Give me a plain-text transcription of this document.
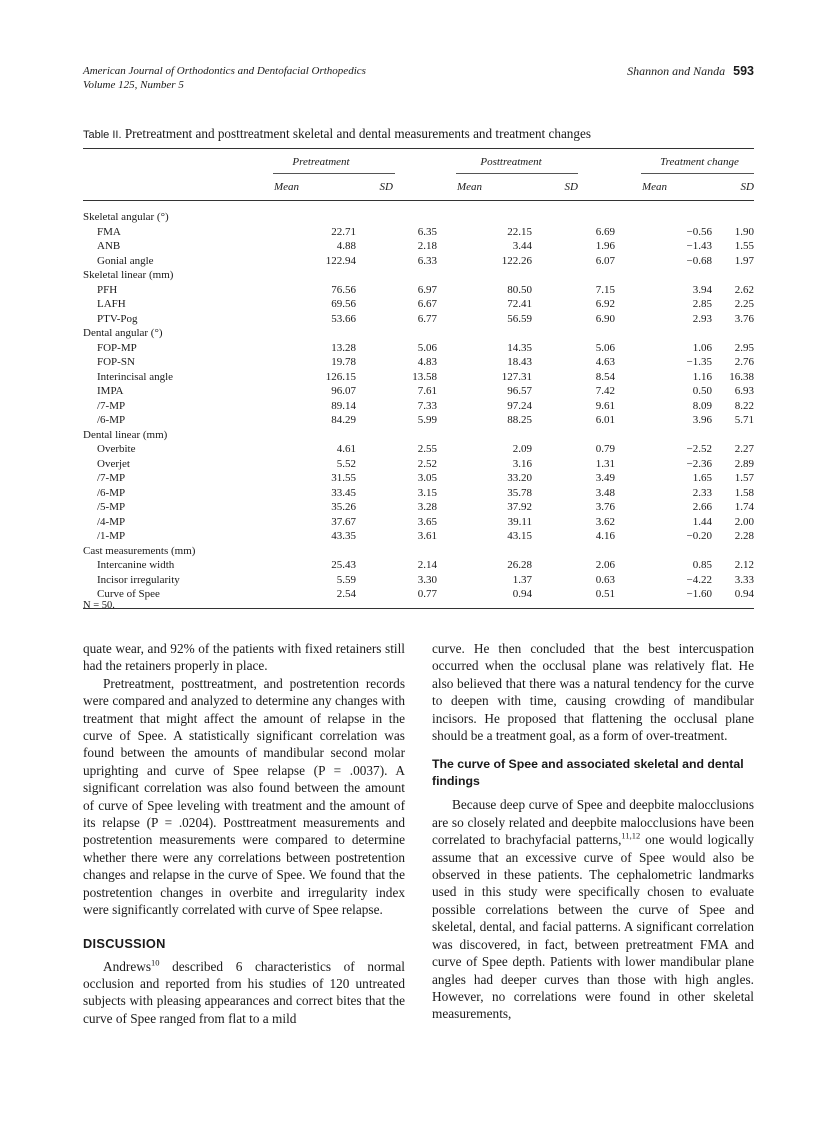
American Journal of Orthodontics and Dentofacial Orthopedics
Volume 125, Number 5
Shannon and Nanda 593
Table II. Pretreatment and posttreatment skeletal and dental measurements and treatment changes
Pretreatment	Posttreatment	Treatment change
Mean	SD	Mean	SD	Mean	SD
Skeletal angular (°)
FMA	22.71	6.35	22.15	6.69	−0.56 1.90
ANB	4.88	2.18	3.44	1.96	−1.43 1.55
Gonial angle	122.94	6.33	122.26	6.07	−0.68 1.97
Skeletal linear (mm)
PFH	76.56	6.97	80.50	7.15	3.94 2.62
LAFH	69.56	6.67	72.41	6.92	2.85 2.25
PTV-Pog	53.66	6.77	56.59	6.90	2.93 3.76
Dental angular (°)
FOP-MP	13.28	5.06	14.35	5.06	1.06 2.95
FOP-SN	19.78	4.83	18.43	4.63	−1.35 2.76
Interincisal angle	126.15	13.58	127.31	8.54	1.16 16.38
IMPA	96.07	7.61	96.57	7.42	0.50 6.93
/7-MP	89.14	7.33	97.24	9.61	8.09 8.22
/6-MP	84.29	5.99	88.25	6.01	3.96 5.71
Dental linear (mm)
Overbite	4.61	2.55	2.09	0.79	−2.52 2.27
Overjet	5.52	2.52	3.16	1.31	−2.36 2.89
/7-MP	31.55	3.05	33.20	3.49	1.65 1.57
/6-MP	33.45	3.15	35.78	3.48	2.33 1.58
/5-MP	35.26	3.28	37.92	3.76	2.66 1.74
/4-MP	37.67	3.65	39.11	3.62	1.44 2.00
/1-MP	43.35	3.61	43.15	4.16	−0.20 2.28
Cast measurements (mm)
Intercanine width	25.43	2.14	26.28	2.06	0.85 2.12
Incisor irregularity	5.59	3.30	1.37	0.63	−4.22 3.33
Curve of Spee	2.54	0.77	0.94	0.51	−1.60 0.94
N = 50.

quate wear, and 92% of the patients with fixed retainers still had the retainers properly in place.

Pretreatment, posttreatment, and postretention records were compared and analyzed to determine any changes with treatment that might affect the amount of relapse in the curve of Spee. A statistically significant correlation was found between the amounts of mandibular second molar uprighting and curve of Spee relapse (P = .0037). A significant correlation was also found between the amount of curve of Spee leveling with treatment and the amount of its relapse (P = .0204). Posttreatment measurements and postretention measurements were compared to determine whether there were any correlations between postretention changes and relapse in the curve of Spee. We found that the postretention changes in overbite and irregularity index were significantly correlated with curve of Spee relapse.

DISCUSSION

Andrews$^{10}$ described 6 characteristics of normal occlusion and reported from his studies of 120 untreated subjects with pleasing appearances and correct bites that the curve of Spee ranged from flat to a mild

curve. He then concluded that the best intercuspation occurred when the occlusal plane was relatively flat. He also believed that there was a natural tendency for the curve to deepen with time, causing crowding of mandibular incisors. He proposed that flattening the occlusal plane should be a treatment goal, as a form of over-treatment.

The curve of Spee and associated skeletal and dental findings

Because deep curve of Spee and deepbite malocclusions are so closely related and deepbite malocclusions have been correlated to brachyfacial patterns,$^{11,12}$ one would logically assume that an excessive curve of Spee would also be observed in these patients. The cephalometric landmarks used in this study were specifically chosen to evaluate possible correlations between the curve of Spee and skeletal, dental, and facial patterns. A significant correlation was discovered, in fact, between pretreatment FMA and curve of Spee depth. Patients with lower mandibular plane angles had deeper curves than those with high angles. However, no correlations were found in other skeletal measurements,
